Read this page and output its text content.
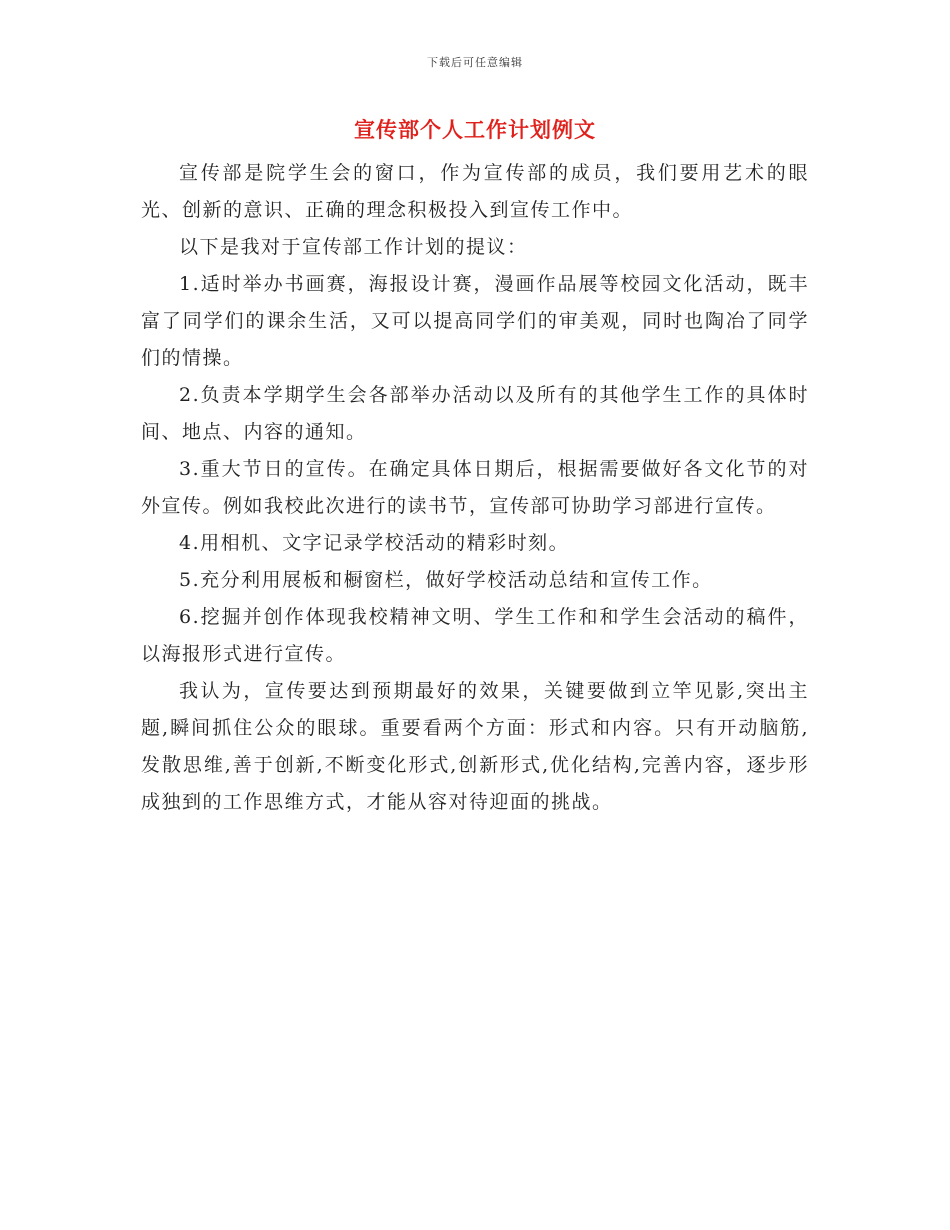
下载后可任意编辑
宣传部个人工作计划例文

宣传部是院学生会的窗口，作为宣传部的成员，我们要用艺术的眼光、创新的意识、正确的理念积极投入到宣传工作中。

以下是我对于宣传部工作计划的提议：

1.适时举办书画赛，海报设计赛，漫画作品展等校园文化活动，既丰富了同学们的课余生活，又可以提高同学们的审美观，同时也陶冶了同学们的情操。

2.负责本学期学生会各部举办活动以及所有的其他学生工作的具体时间、地点、内容的通知。

3.重大节日的宣传。在确定具体日期后，根据需要做好各文化节的对外宣传。例如我校此次进行的读书节，宣传部可协助学习部进行宣传。

4.用相机、文字记录学校活动的精彩时刻。

5.充分利用展板和橱窗栏，做好学校活动总结和宣传工作。

6.挖掘并创作体现我校精神文明、学生工作和和学生会活动的稿件，以海报形式进行宣传。

我认为，宣传要达到预期最好的效果，关键要做到立竿见影,突出主题,瞬间抓住公众的眼球。重要看两个方面：形式和内容。只有开动脑筋,发散思维,善于创新,不断变化形式,创新形式,优化结构,完善内容，逐步形成独到的工作思维方式，才能从容对待迎面的挑战。
